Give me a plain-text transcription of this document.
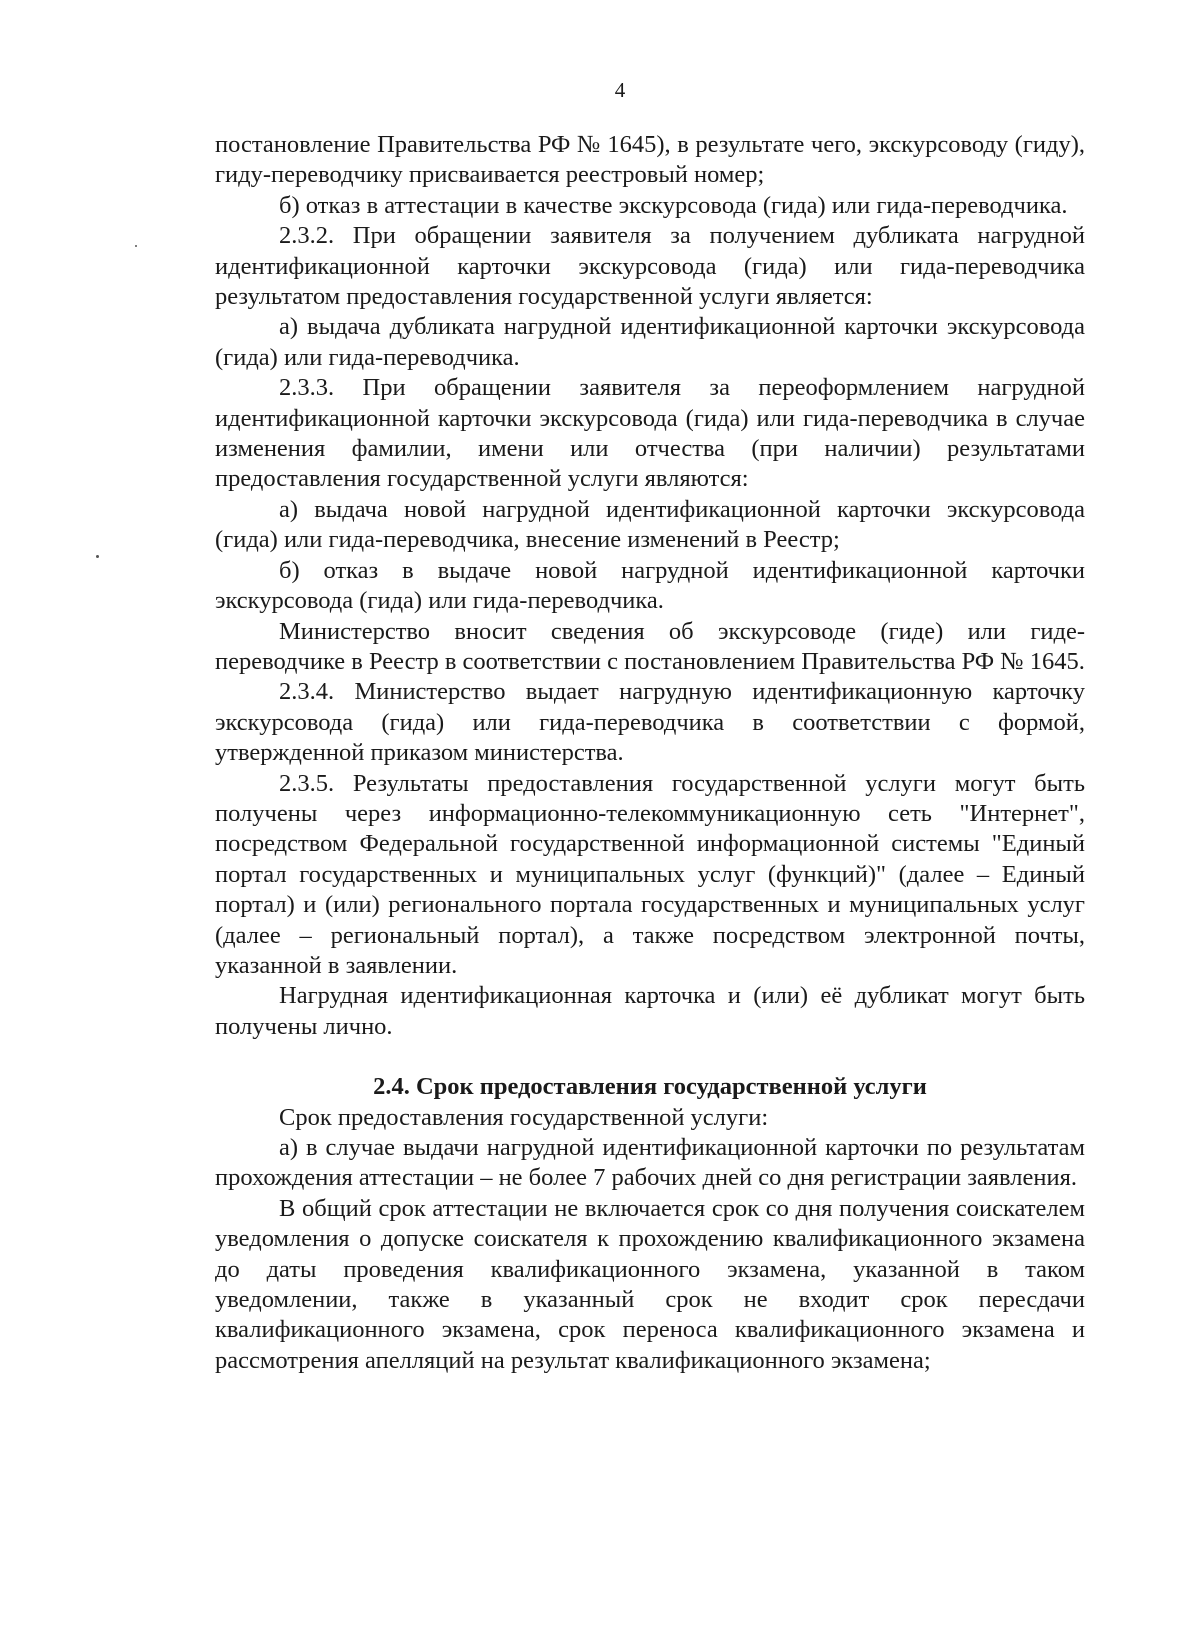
4

постановление Правительства РФ № 1645), в результате чего, экскурсоводу (гиду), гиду-переводчику присваивается реестровый номер;

б) отказ в аттестации в качестве экскурсовода (гида) или гида-переводчика.

2.3.2. При обращении заявителя за получением дубликата нагрудной идентификационной карточки экскурсовода (гида) или гида-переводчика результатом предоставления государственной услуги является:

а) выдача дубликата нагрудной идентификационной карточки экскурсовода (гида) или гида-переводчика.

2.3.3. При обращении заявителя за переоформлением нагрудной идентификационной карточки экскурсовода (гида) или гида-переводчика в случае изменения фамилии, имени или отчества (при наличии) результатами предоставления государственной услуги являются:

а) выдача новой нагрудной идентификационной карточки экскурсовода (гида) или гида-переводчика, внесение изменений в Реестр;

б) отказ в выдаче новой нагрудной идентификационной карточки экскурсовода (гида) или гида-переводчика.

Министерство вносит сведения об экскурсоводе (гиде) или гиде-переводчике в Реестр в соответствии с постановлением Правительства РФ № 1645.

2.3.4. Министерство выдает нагрудную идентификационную карточку экскурсовода (гида) или гида-переводчика в соответствии с формой, утвержденной приказом министерства.

2.3.5. Результаты предоставления государственной услуги могут быть получены через информационно-телекоммуникационную сеть "Интернет", посредством Федеральной государственной информационной системы "Единый портал государственных и муниципальных услуг (функций)" (далее – Единый портал) и (или) регионального портала государственных и муниципальных услуг (далее – региональный портал), а также посредством электронной почты, указанной в заявлении.

Нагрудная идентификационная карточка и (или) её дубликат могут быть получены лично.

2.4. Срок предоставления государственной услуги

Срок предоставления государственной услуги:

а) в случае выдачи нагрудной идентификационной карточки по результатам прохождения аттестации – не более 7 рабочих дней со дня регистрации заявления.

В общий срок аттестации не включается срок со дня получения соискателем уведомления о допуске соискателя к прохождению квалификационного экзамена до даты проведения квалификационного экзамена, указанной в таком уведомлении, также в указанный срок не входит срок пересдачи квалификационного экзамена, срок переноса квалификационного экзамена и рассмотрения апелляций на результат квалификационного экзамена;
